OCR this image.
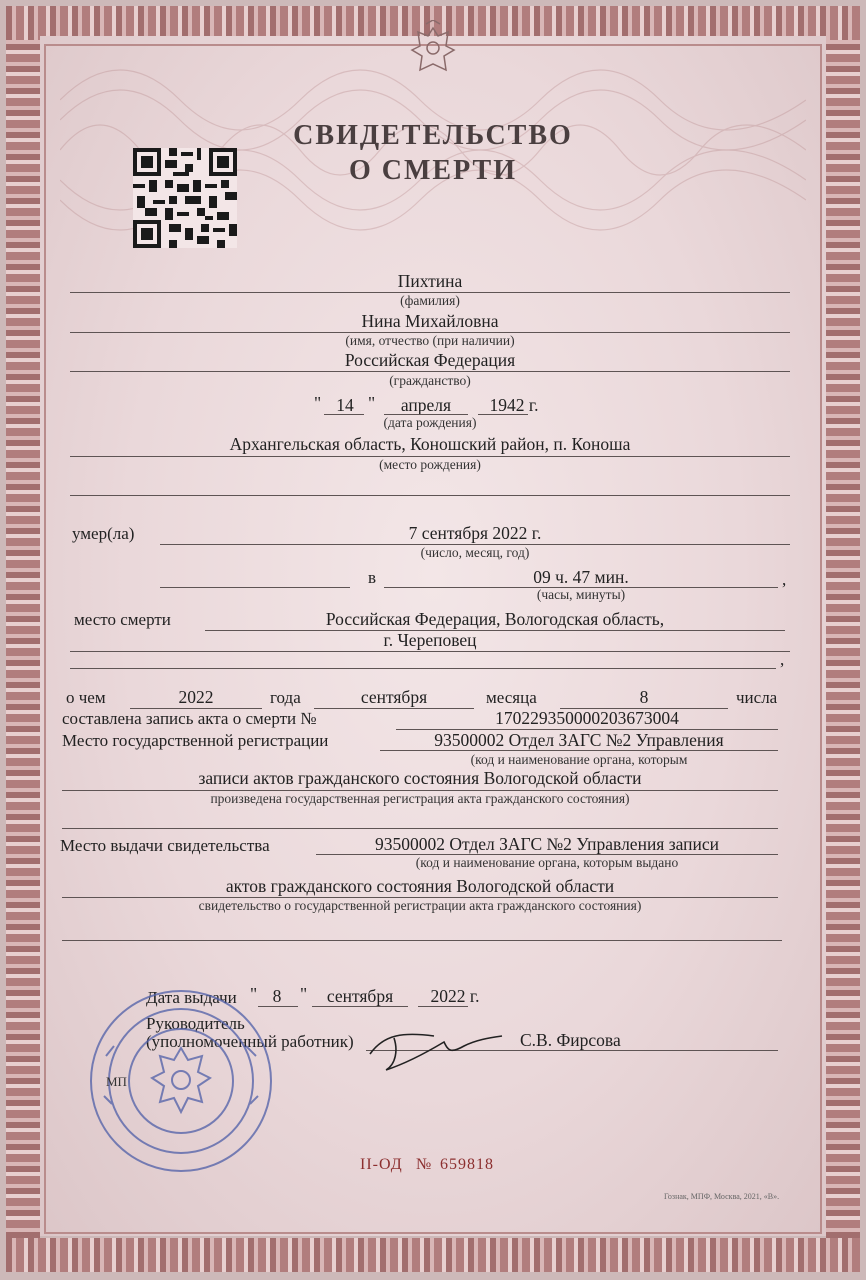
СВИДЕТЕЛЬСТВО
О СМЕРТИ
Пихтина
(фамилия)
Нина Михайловна
(имя, отчество (при наличии)
Российская Федерация
(гражданство)
" 14 "	апреля	1942 г.
(дата рождения)
Архангельская область, Коношский район, п. Коноша
(место рождения)
умер(ла)	7 сентября 2022 г.
(число, месяц, год)
в	09 ч. 47 мин.	,
(часы, минуты)
место смерти	Российская Федерация, Вологодская область,
г. Череповец
,
о чем	2022	года	сентября	месяца	8	числа
составлена запись акта о смерти №	170229350000203673004
Место государственной регистрации	93500002 Отдел ЗАГС №2 Управления
(код и наименование органа, которым
записи актов гражданского состояния Вологодской области
произведена государственная регистрация акта гражданского состояния)
Место выдачи свидетельства	93500002 Отдел ЗАГС №2 Управления записи
(код и наименование органа, которым выдано
актов гражданского состояния Вологодской области
свидетельство о государственной регистрации акта гражданского состояния)
Дата выдачи " 8	"	сентября	2022 г.
Руководитель
(уполномоченный работник)	С.В. Фирсова
МП
II-ОД № 659818
Гознак, МПФ, Москва, 2021, «В».
